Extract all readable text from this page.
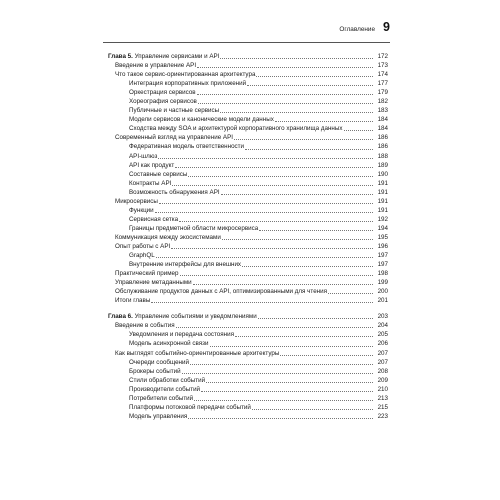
Оглавление 9
Глава 5. Управление сервисами и API	172
Введение в управление API	173
Что такое сервис-ориентированная архитектура	174
Интеграция корпоративных приложений	177
Оркестрация сервисов	179
Хореография сервисов	182
Публичные и частные сервисы	183
Модели сервисов и канонические модели данных	184
Сходства между SOA и архитектурой корпоративного хранилища данных	184
Современный взгляд на управление API	186
Федеративная модель ответственности	186
API-шлюз	188
API как продукт	189
Составные сервисы	190
Контракты API	191
Возможность обнаружения API	191
Микросервисы	191
Функции	191
Сервисная сетка	192
Границы предметной области микросервиса	194
Коммуникация между экосистемами	195
Опыт работы с API	196
GraphQL	197
Внутренние интерфейсы для внешних	197
Практический пример	198
Управление метаданными	199
Обслуживание продуктов данных с API, оптимизированными для чтения	200
Итоги главы	201
Глава 6. Управление событиями и уведомлениями	203
Введение в события	204
Уведомления и передача состояния	205
Модель асинхронной связи	206
Как выглядят событийно-ориентированные архитектуры	207
Очереди сообщений	207
Брокеры событий	208
Стили обработки событий	209
Производители событий	210
Потребители событий	213
Платформы потоковой передачи событий	215
Модель управления	223
